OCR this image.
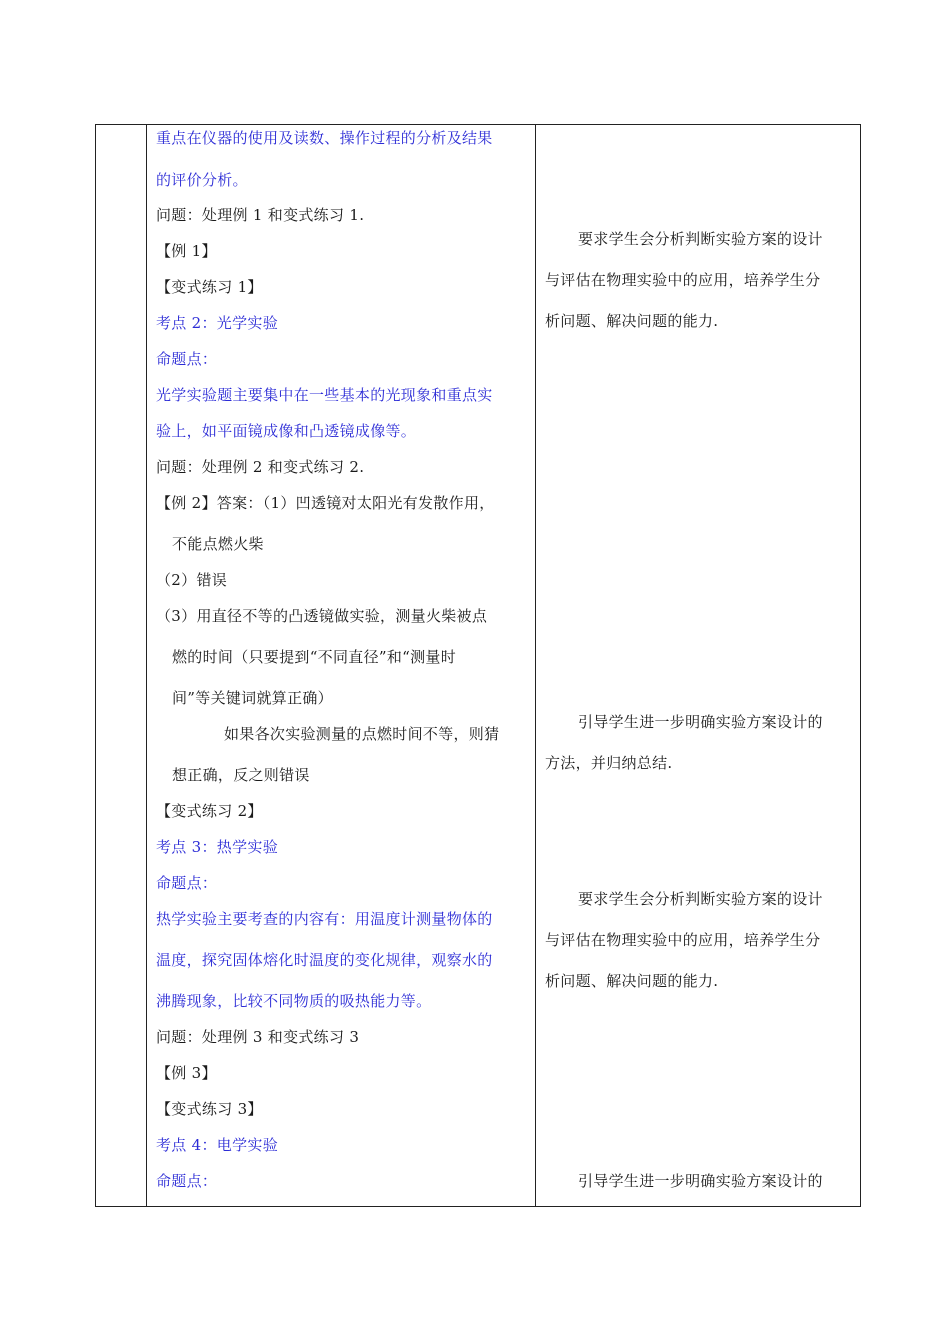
重点在仪器的使用及读数、操作过程的分析及结果
的评价分析。
问题：处理例 1 和变式练习 1.
【例 1】
【变式练习 1】
考点 2：光学实验
命题点：
光学实验题主要集中在一些基本的光现象和重点实
验上，如平面镜成像和凸透镜成像等。
问题：处理例 2 和变式练习 2.
【例 2】答案：（1）凹透镜对太阳光有发散作用，
不能点燃火柴
（2）错误
（3）用直径不等的凸透镜做实验，测量火柴被点
燃的时间（只要提到“不同直径”和“测量时
间”等关键词就算正确）
如果各次实验测量的点燃时间不等，则猜
想正确，反之则错误
【变式练习 2】
考点 3：热学实验
命题点：
热学实验主要考查的内容有：用温度计测量物体的
温度，探究固体熔化时温度的变化规律，观察水的
沸腾现象，比较不同物质的吸热能力等。
问题：处理例 3 和变式练习 3
【例 3】
【变式练习 3】
考点 4：电学实验
命题点：
要求学生会分析判断实验方案的设计
与评估在物理实验中的应用，培养学生分
析问题、解决问题的能力.
引导学生进一步明确实验方案设计的
方法，并归纳总结.
要求学生会分析判断实验方案的设计
与评估在物理实验中的应用，培养学生分
析问题、解决问题的能力.
引导学生进一步明确实验方案设计的
